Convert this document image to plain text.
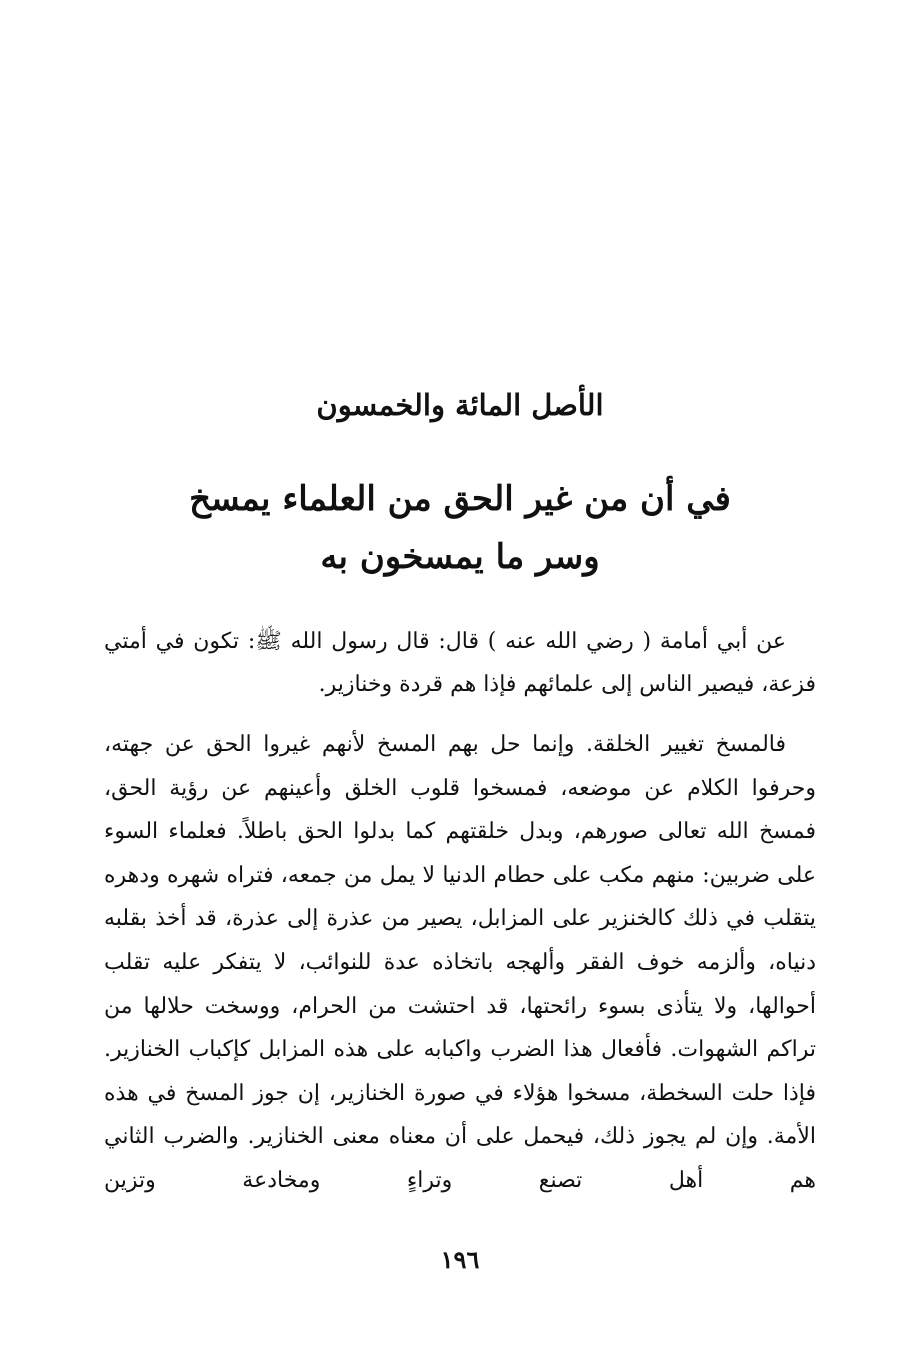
الأصل المائة والخمسون
في أن من غير الحق من العلماء يمسخ
وسر ما يمسخون به

عن أبي أمامة ( رضي الله عنه ) قال: قال رسول الله ﷺ: تكون في أمتي فزعة، فيصير الناس إلى علمائهم فإذا هم قردة وخنازير.

فالمسخ تغيير الخلقة. وإنما حل بهم المسخ لأنهم غيروا الحق عن جهته، وحرفوا الكلام عن موضعه، فمسخوا قلوب الخلق وأعينهم عن رؤية الحق، فمسخ الله تعالى صورهم، وبدل خلقتهم كما بدلوا الحق باطلاً. فعلماء السوء على ضربين: منهم مكب على حطام الدنيا لا يمل من جمعه، فتراه شهره ودهره يتقلب في ذلك كالخنزير على المزابل، يصير من عذرة إلى عذرة، قد أخذ بقلبه دنياه، وألزمه خوف الفقر وألهجه باتخاذه عدة للنوائب، لا يتفكر عليه تقلب أحوالها، ولا يتأذى بسوء رائحتها، قد احتشت من الحرام، ووسخت حلالها من تراكم الشهوات. فأفعال هذا الضرب واكبابه على هذه المزابل كإكباب الخنازير. فإذا حلت السخطة، مسخوا هؤلاء في صورة الخنازير، إن جوز المسخ في هذه الأمة. وإن لم يجوز ذلك، فيحمل على أن معناه معنى الخنازير. والضرب الثاني هم أهل تصنع وتراءٍ ومخادعة وتزين

١٩٦
